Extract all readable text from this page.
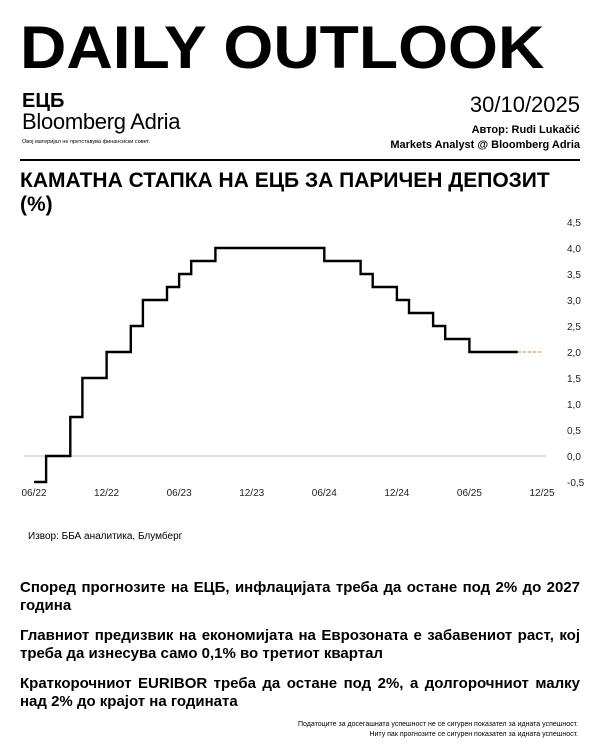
DAILY OUTLOOK
ЕЦБ
Bloomberg Adria
Овој материјал не претставува финансиски совет.
30/10/2025
Автор: Rudi Lukačić
Markets Analyst @ Bloomberg Adria
КАМАТНА СТАПКА НА ЕЦБ ЗА ПАРИЧЕН ДЕПОЗИТ (%)
-0,5
0,0
0,5
1,0
1,5
2,0
2,5
3,0
3,5
4,0
4,5
06/22	12/22	06/23	12/23	06/24	12/24	06/25	12/25
Извор: ББА аналитика, Блумберг
Според прогнозите на ЕЦБ, инфлацијата треба да остане под 2% до 2027 година
Главниот предизвик на економијата на Еврозоната е забавениот раст, кој треба да изнесува само 0,1% во третиот квартал
Краткорочниот EURIBOR треба да остане под 2%, а долгорочниот малку над 2% до крајот на годината
Податоците за досегашната успешност не се сигурен показател за идната успешност.
Ниту пак прогнозите се сигурен показател за идната успешност.
